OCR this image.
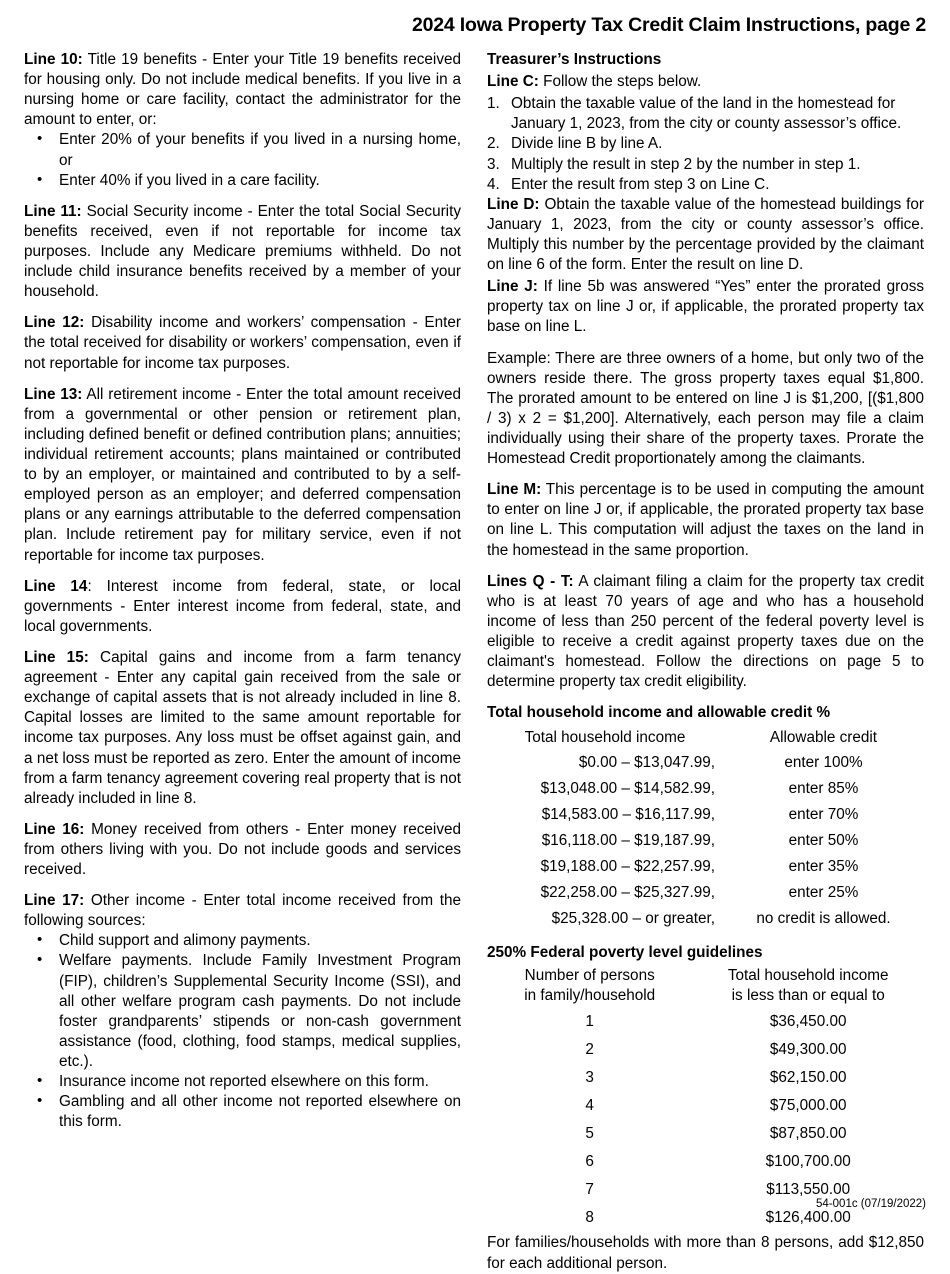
2024 Iowa Property Tax Credit Claim Instructions, page 2

Line 10: Title 19 benefits - Enter your Title 19 benefits received for housing only. Do not include medical benefits. If you live in a nursing home or care facility, contact the administrator for the amount to enter, or:

• Enter 20% of your benefits if you lived in a nursing home, or
• Enter 40% if you lived in a care facility.

Line 11: Social Security income - Enter the total Social Security benefits received, even if not reportable for income tax purposes. Include any Medicare premiums withheld. Do not include child insurance benefits received by a member of your household.

Line 12: Disability income and workers’ compensation - Enter the total received for disability or workers’ compensation, even if not reportable for income tax purposes.

Line 13: All retirement income - Enter the total amount received from a governmental or other pension or retirement plan, including defined benefit or defined contribution plans; annuities; individual retirement accounts; plans maintained or contributed to by an employer, or maintained and contributed to by a self-employed person as an employer; and deferred compensation plans or any earnings attributable to the deferred compensation plan. Include retirement pay for military service, even if not reportable for income tax purposes.

Line 14: Interest income from federal, state, or local governments - Enter interest income from federal, state, and local governments.

Line 15: Capital gains and income from a farm tenancy agreement - Enter any capital gain received from the sale or exchange of capital assets that is not already included in line 8. Capital losses are limited to the same amount reportable for income tax purposes. Any loss must be offset against gain, and a net loss must be reported as zero. Enter the amount of income from a farm tenancy agreement covering real property that is not already included in line 8.

Line 16: Money received from others - Enter money received from others living with you. Do not include goods and services received.

Line 17: Other income - Enter total income received from the following sources:

• Child support and alimony payments.
• Welfare payments. Include Family Investment Program (FIP), children’s Supplemental Security Income (SSI), and all other welfare program cash payments. Do not include foster grandparents’ stipends or non-cash government assistance (food, clothing, food stamps, medical supplies, etc.).
• Insurance income not reported elsewhere on this form.
• Gambling and all other income not reported elsewhere on this form.
Treasurer’s Instructions

Line C: Follow the steps below.

Obtain the taxable value of the land in the homestead for January 1, 2023, from the city or county assessor’s office.
Divide line B by line A.
Multiply the result in step 2 by the number in step 1.
Enter the result from step 3 on Line C.

Line D: Obtain the taxable value of the homestead buildings for January 1, 2023, from the city or county assessor’s office. Multiply this number by the percentage provided by the claimant on line 6 of the form. Enter the result on line D.

Line J: If line 5b was answered “Yes” enter the prorated gross property tax on line J or, if applicable, the prorated property tax base on line L.

Example: There are three owners of a home, but only two of the owners reside there. The gross property taxes equal $1,800. The prorated amount to be entered on line J is $1,200, [($1,800 / 3) x 2 = $1,200]. Alternatively, each person may file a claim individually using their share of the property taxes. Prorate the Homestead Credit proportionately among the claimants.

Line M: This percentage is to be used in computing the amount to enter on line J or, if applicable, the prorated property tax base on line L. This computation will adjust the taxes on the land in the homestead in the same proportion.

Lines Q - T: A claimant filing a claim for the property tax credit who is at least 70 years of age and who has a household income of less than 250 percent of the federal poverty level is eligible to receive a credit against property taxes due on the claimant's homestead. Follow the directions on page 5 to determine property tax credit eligibility.

Total household income and allowable credit %
Total household income	Allowable credit
$0.00 – $13,047.99,	enter 100%
$13,048.00 – $14,582.99,	enter 85%
$14,583.00 – $16,117.99,	enter 70%
$16,118.00 – $19,187.99,	enter 50%
$19,188.00 – $22,257.99,	enter 35%
$22,258.00 – $25,327.99,	enter 25%
$25,328.00 – or greater,	no credit is allowed.
250% Federal poverty level guidelines
Number of persons
in family/household	Total household income
is less than or equal to

1	$36,450.00
2	$49,300.00
3	$62,150.00
4	$75,000.00
5	$87,850.00
6	$100,700.00
7	$113,550.00
8	$126,400.00

For families/households with more than 8 persons, add $12,850 for each additional person.

54-001c (07/19/2022)
